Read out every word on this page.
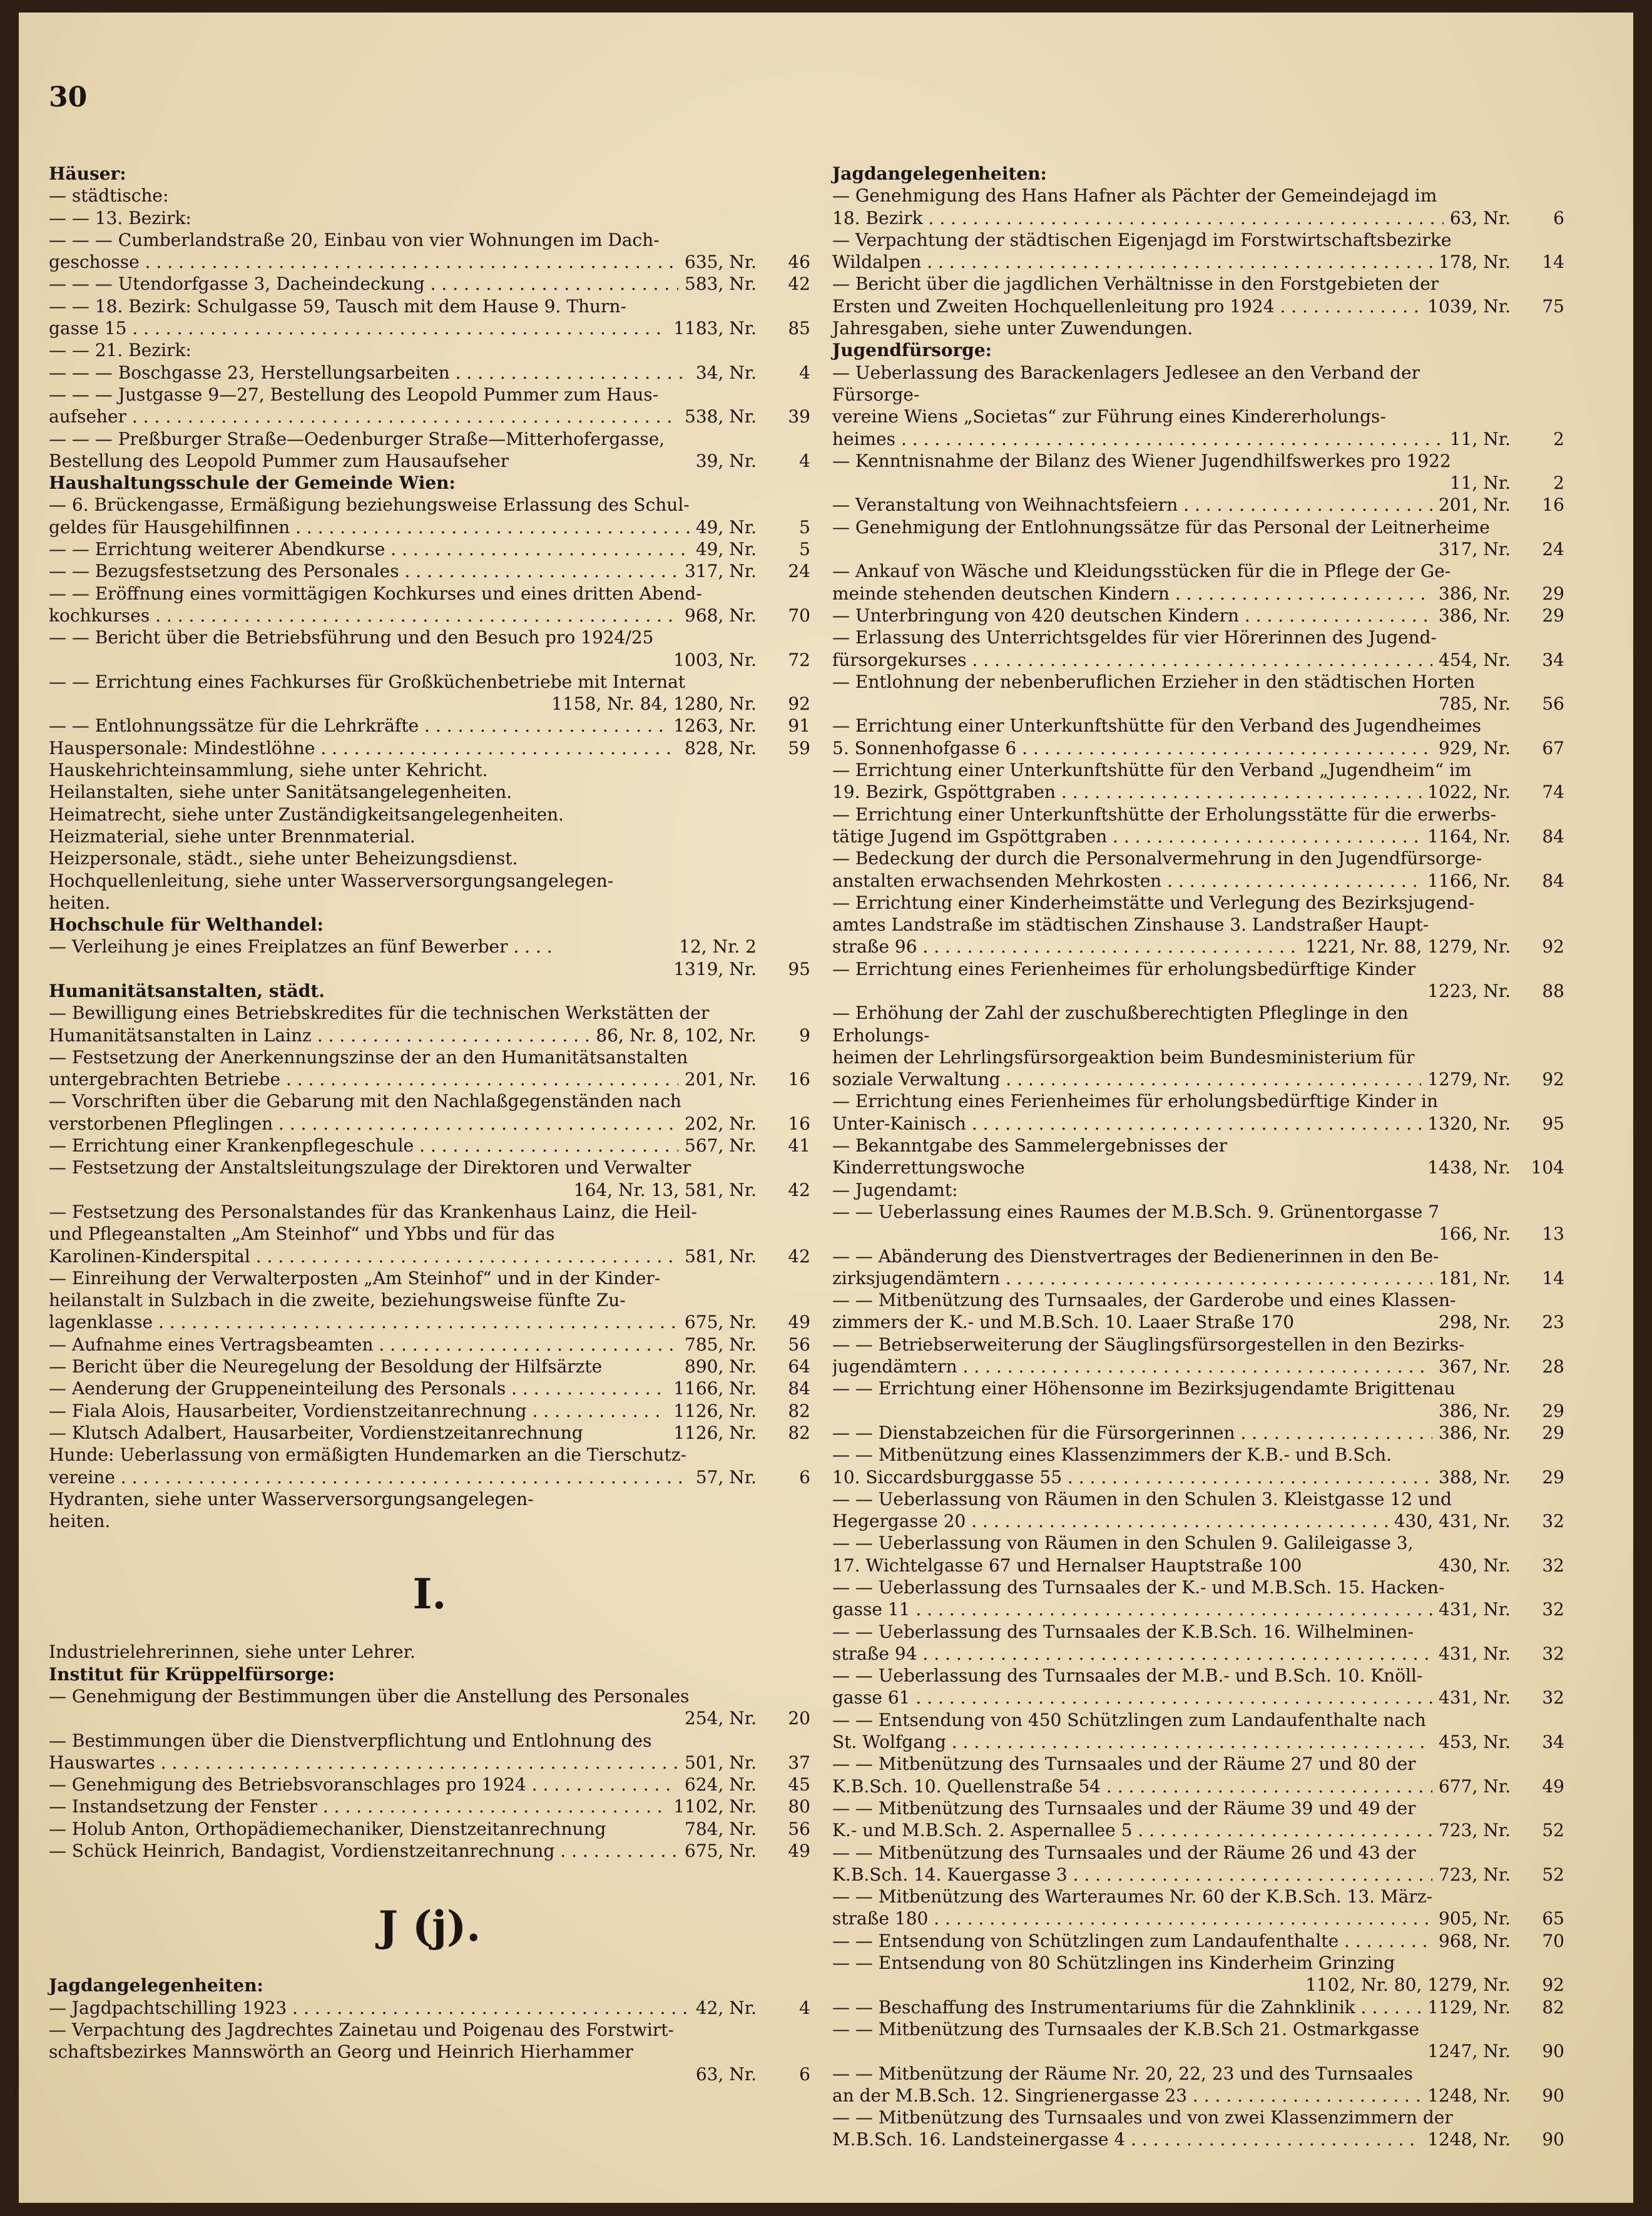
30
Häuser:
— städtische:
— — 13. Bezirk:
— — — Cumberlandstraße 20, Einbau von vier Wohnungen im Dach-
geschosse . . .	635, Nr.	46
— — — Utendorfgasse 3, Dacheindeckung . . .	583, Nr.	42
— — 18. Bezirk: Schulgasse 59, Tausch mit dem Hause 9. Thurn-
gasse 15 . . .	1183, Nr.	85
— — 21. Bezirk:
— — — Boschgasse 23, Herstellungsarbeiten . . .	34, Nr.	4
— — — Justgasse 9—27, Bestellung des Leopold Pummer zum Haus-
aufseher . . .	538, Nr.	39
— — — Preßburger Straße—Oedenburger Straße—Mitterhofergasse,
Bestellung des Leopold Pummer zum Hausaufseher	39, Nr.	4
Haushaltungsschule der Gemeinde Wien:
— 6. Brückengasse, Ermäßigung beziehungsweise Erlassung des Schul-
geldes für Hausgehilfinnen . . .	49, Nr.	5
— — Errichtung weiterer Abendkurse . . .	49, Nr.	5
— — Bezugsfestsetzung des Personales . . .	317, Nr.	24
— — Eröffnung eines vormittägigen Kochkurses und eines dritten Abend-
kochkurses . . .	968, Nr.	70
— — Bericht über die Betriebsführung und den Besuch pro 1924/25
1003, Nr.	72
— — Errichtung eines Fachkurses für Großküchenbetriebe mit Internat
1158, Nr. 84, 1280, Nr.	92
— — Entlohnungssätze für die Lehrkräfte . . .	1263, Nr.	91
Hauspersonale: Mindestlöhne . . .	828, Nr.	59
Hauskehrichteinsammlung, siehe unter Kehricht.
Heilanstalten, siehe unter Sanitätsangelegenheiten.
Heimatrecht, siehe unter Zuständigkeitsangelegenheiten.
Heizmaterial, siehe unter Brennmaterial.
Heizpersonale, städt., siehe unter Beheizungsdienst.
Hochquellenleitung, siehe unter Wasserversorgungsangelegen-
heiten.
Hochschule für Welthandel:
— Verleihung je eines Freiplatzes an fünf Bewerber . . . .	12, Nr. 2
1319, Nr.	95
Humanitätsanstalten, städt.
— Bewilligung eines Betriebskredites für die technischen Werkstätten der
Humanitätsanstalten in Lainz . . .	86, Nr. 8, 102, Nr.	9
— Festsetzung der Anerkennungszinse der an den Humanitätsanstalten
untergebrachten Betriebe . . .	201, Nr.	16
— Vorschriften über die Gebarung mit den Nachlaßgegenständen nach
verstorbenen Pfleglingen . . .	202, Nr.	16
— Errichtung einer Krankenpflegeschule . . .	567, Nr.	41
— Festsetzung der Anstaltsleitungszulage der Direktoren und Verwalter
164, Nr. 13, 581, Nr.	42
— Festsetzung des Personalstandes für das Krankenhaus Lainz, die Heil-
und Pflegeanstalten „Am Steinhof“ und Ybbs und für das
Karolinen-Kinderspital . . .	581, Nr.	42
— Einreihung der Verwalterposten „Am Steinhof“ und in der Kinder-
heilanstalt in Sulzbach in die zweite, beziehungsweise fünfte Zu-
lagenklasse . . .	675, Nr.	49
— Aufnahme eines Vertragsbeamten . . .	785, Nr.	56
— Bericht über die Neuregelung der Besoldung der Hilfsärzte	890, Nr.	64
— Aenderung der Gruppeneinteilung des Personals . . .	1166, Nr.	84
— Fiala Alois, Hausarbeiter, Vordienstzeitanrechnung . . .	1126, Nr.	82
— Klutsch Adalbert, Hausarbeiter, Vordienstzeitanrechnung	1126, Nr.	82
Hunde: Ueberlassung von ermäßigten Hundemarken an die Tierschutz-
vereine . . .	57, Nr.	6
Hydranten, siehe unter Wasserversorgungsangelegen-
heiten.
I.
Industrielehrerinnen, siehe unter Lehrer.
Institut für Krüppelfürsorge:
— Genehmigung der Bestimmungen über die Anstellung des Personales
254, Nr.	20
— Bestimmungen über die Dienstverpflichtung und Entlohnung des
Hauswartes . . .	501, Nr.	37
— Genehmigung des Betriebsvoranschlages pro 1924 . . .	624, Nr.	45
— Instandsetzung der Fenster . . .	1102, Nr.	80
— Holub Anton, Orthopädiemechaniker, Dienstzeitanrechnung	784, Nr.	56
— Schück Heinrich, Bandagist, Vordienstzeitanrechnung . . .	675, Nr.	49
J (j).
Jagdangelegenheiten:
— Jagdpachtschilling 1923 . . .	42, Nr.	4
— Verpachtung des Jagdrechtes Zainetau und Poigenau des Forstwirt-
schaftsbezirkes Mannswörth an Georg und Heinrich Hierhammer
63, Nr.	6
Jagdangelegenheiten:
— Genehmigung des Hans Hafner als Pächter der Gemeindejagd im
18. Bezirk . . .	63, Nr.	6
— Verpachtung der städtischen Eigenjagd im Forstwirtschaftsbezirke
Wildalpen . . .	178, Nr.	14
— Bericht über die jagdlichen Verhältnisse in den Forstgebieten der
Ersten und Zweiten Hochquellenleitung pro 1924 . . .	1039, Nr.	75
Jahresgaben, siehe unter Zuwendungen.
Jugendfürsorge:
— Ueberlassung des Barackenlagers Jedlesee an den Verband der Fürsorge-
vereine Wiens „Societas“ zur Führung eines Kindererholungs-
heimes . . .	11, Nr.	2
— Kenntnisnahme der Bilanz des Wiener Jugendhilfswerkes pro 1922
11, Nr.	2
— Veranstaltung von Weihnachtsfeiern . . .	201, Nr.	16
— Genehmigung der Entlohnungssätze für das Personal der Leitnerheime
317, Nr.	24
— Ankauf von Wäsche und Kleidungsstücken für die in Pflege der Ge-
meinde stehenden deutschen Kindern . . .	386, Nr.	29
— Unterbringung von 420 deutschen Kindern . . .	386, Nr.	29
— Erlassung des Unterrichtsgeldes für vier Hörerinnen des Jugend-
fürsorgekurses . . .	454, Nr.	34
— Entlohnung der nebenberuflichen Erzieher in den städtischen Horten
785, Nr.	56
— Errichtung einer Unterkunftshütte für den Verband des Jugendheimes
5. Sonnenhofgasse 6 . . .	929, Nr.	67
— Errichtung einer Unterkunftshütte für den Verband „Jugendheim“ im
19. Bezirk, Gspöttgraben . . .	1022, Nr.	74
— Errichtung einer Unterkunftshütte der Erholungsstätte für die erwerbs-
tätige Jugend im Gspöttgraben . . .	1164, Nr.	84
— Bedeckung der durch die Personalvermehrung in den Jugendfürsorge-
anstalten erwachsenden Mehrkosten . . .	1166, Nr.	84
— Errichtung einer Kinderheimstätte und Verlegung des Bezirksjugend-
amtes Landstraße im städtischen Zinshause 3. Landstraßer Haupt-
straße 96 . . .	1221, Nr. 88, 1279, Nr.	92
— Errichtung eines Ferienheimes für erholungsbedürftige Kinder
1223, Nr.	88
— Erhöhung der Zahl der zuschußberechtigten Pfleglinge in den Erholungs-
heimen der Lehrlingsfürsorgeaktion beim Bundesministerium für
soziale Verwaltung . . .	1279, Nr.	92
— Errichtung eines Ferienheimes für erholungsbedürftige Kinder in
Unter-Kainisch . . .	1320, Nr.	95
— Bekanntgabe des Sammelergebnisses der Kinderrettungswoche	1438, Nr.	104
— Jugendamt:
— — Ueberlassung eines Raumes der M.B.Sch. 9. Grünentorgasse 7
166, Nr.	13
— — Abänderung des Dienstvertrages der Bedienerinnen in den Be-
zirksjugendämtern . . .	181, Nr.	14
— — Mitbenützung des Turnsaales, der Garderobe und eines Klassen-
zimmers der K.- und M.B.Sch. 10. Laaer Straße 170	298, Nr.	23
— — Betriebserweiterung der Säuglingsfürsorgestellen in den Bezirks-
jugendämtern . . .	367, Nr.	28
— — Errichtung einer Höhensonne im Bezirksjugendamte Brigittenau
386, Nr.	29
— — Dienstabzeichen für die Fürsorgerinnen . . .	386, Nr.	29
— — Mitbenützung eines Klassenzimmers der K.B.- und B.Sch.
10. Siccardsburggasse 55 . . .	388, Nr.	29
— — Ueberlassung von Räumen in den Schulen 3. Kleistgasse 12 und
Hegergasse 20 . . .	430, 431, Nr.	32
— — Ueberlassung von Räumen in den Schulen 9. Galileigasse 3,
17. Wichtelgasse 67 und Hernalser Hauptstraße 100	430, Nr.	32
— — Ueberlassung des Turnsaales der K.- und M.B.Sch. 15. Hacken-
gasse 11 . . .	431, Nr.	32
— — Ueberlassung des Turnsaales der K.B.Sch. 16. Wilhelminen-
straße 94 . . .	431, Nr.	32
— — Ueberlassung des Turnsaales der M.B.- und B.Sch. 10. Knöll-
gasse 61 . . .	431, Nr.	32
— — Entsendung von 450 Schützlingen zum Landaufenthalte nach
St. Wolfgang . . .	453, Nr.	34
— — Mitbenützung des Turnsaales und der Räume 27 und 80 der
K.B.Sch. 10. Quellenstraße 54 . . .	677, Nr.	49
— — Mitbenützung des Turnsaales und der Räume 39 und 49 der
K.- und M.B.Sch. 2. Aspernallee 5 . . .	723, Nr.	52
— — Mitbenützung des Turnsaales und der Räume 26 und 43 der
K.B.Sch. 14. Kauergasse 3 . . .	723, Nr.	52
— — Mitbenützung des Warteraumes Nr. 60 der K.B.Sch. 13. März-
straße 180 . . .	905, Nr.	65
— — Entsendung von Schützlingen zum Landaufenthalte . . .	968, Nr.	70
— — Entsendung von 80 Schützlingen ins Kinderheim Grinzing
1102, Nr. 80, 1279, Nr.	92
— — Beschaffung des Instrumentariums für die Zahnklinik . . .	1129, Nr.	82
— — Mitbenützung des Turnsaales der K.B.Sch 21. Ostmarkgasse
1247, Nr.	90
— — Mitbenützung der Räume Nr. 20, 22, 23 und des Turnsaales
an der M.B.Sch. 12. Singrienergasse 23 . . .	1248, Nr.	90
— — Mitbenützung des Turnsaales und von zwei Klassenzimmern der
M.B.Sch. 16. Landsteinergasse 4 . . .	1248, Nr.	90
